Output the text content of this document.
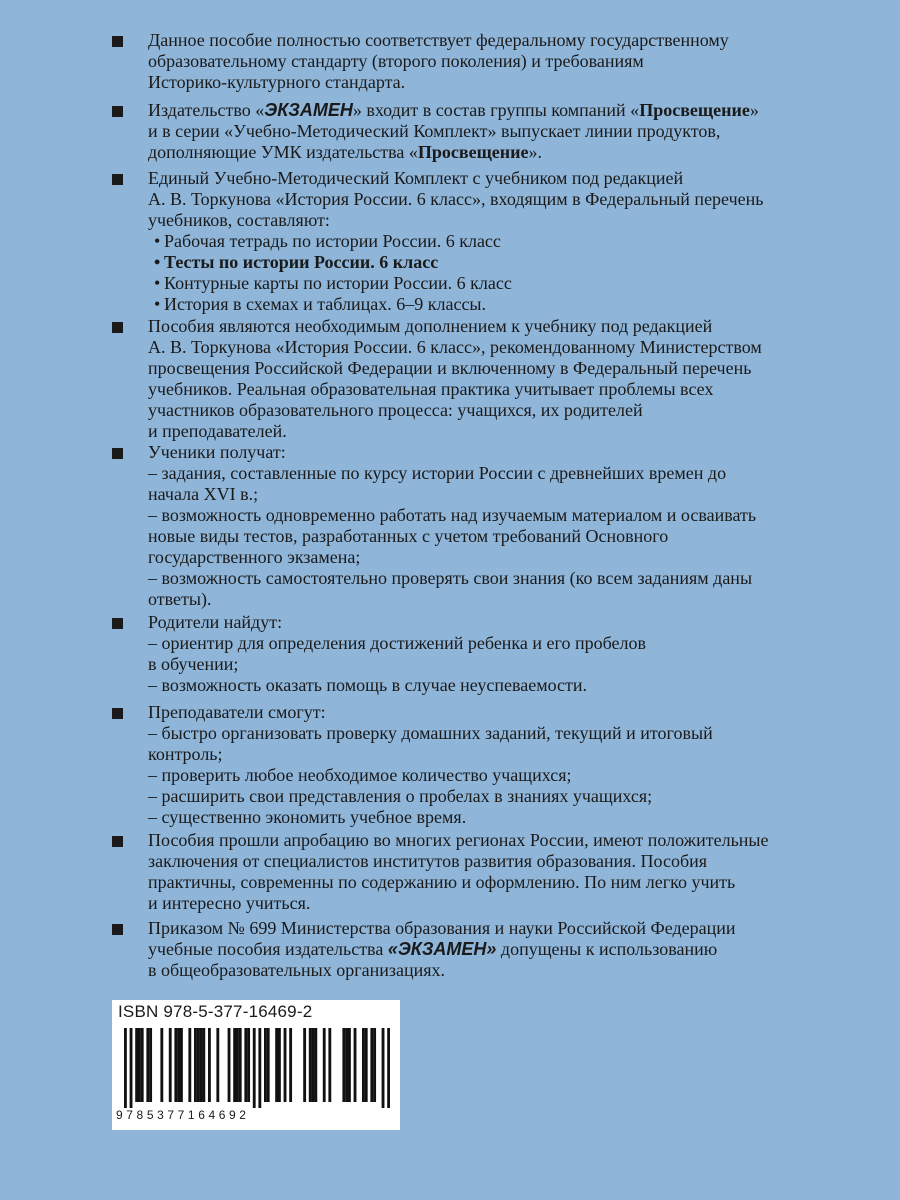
Данное пособие полностью соответствует федеральному государственному
образовательному стандарту (второго поколения) и требованиям
Историко-культурного стандарта.
Издательство «ЭКЗАМЕН» входит в состав группы компаний «Просвещение»
и в серии «Учебно-Методический Комплект» выпускает линии продуктов,
дополняющие УМК издательства «Просвещение».
Единый Учебно-Методический Комплект с учебником под редакцией
А. В. Торкунова «История России. 6 класс», входящим в Федеральный перечень
учебников, составляют:
• Рабочая тетрадь по истории России. 6 класс
• Тесты по истории России. 6 класс
• Контурные карты по истории России. 6 класс
• История в схемах и таблицах. 6–9 классы.
Пособия являются необходимым дополнением к учебнику под редакцией
А. В. Торкунова «История России. 6 класс», рекомендованному Министерством
просвещения Российской Федерации и включенному в Федеральный перечень
учебников. Реальная образовательная практика учитывает проблемы всех
участников образовательного процесса: учащихся, их родителей
и преподавателей.
Ученики получат:
– задания, составленные по курсу истории России с древнейших времен до
начала XVI в.;
– возможность одновременно работать над изучаемым материалом и осваивать
новые виды тестов, разработанных с учетом требований Основного
государственного экзамена;
– возможность самостоятельно проверять свои знания (ко всем заданиям даны
ответы).
Родители найдут:
– ориентир для определения достижений ребенка и его пробелов
в обучении;
– возможность оказать помощь в случае неуспеваемости.
Преподаватели смогут:
– быстро организовать проверку домашних заданий, текущий и итоговый
контроль;
– проверить любое необходимое количество учащихся;
– расширить свои представления о пробелах в знаниях учащихся;
– существенно экономить учебное время.
Пособия прошли апробацию во многих регионах России, имеют положительные
заключения от специалистов институтов развития образования. Пособия
практичны, современны по содержанию и оформлению. По ним легко учить
и интересно учиться.
Приказом № 699 Министерства образования и науки Российской Федерации
учебные пособия издательства «ЭКЗАМЕН» допущены к использованию
в общеобразовательных организациях.
ISBN 978-5-377-16469-2
9785377164692
